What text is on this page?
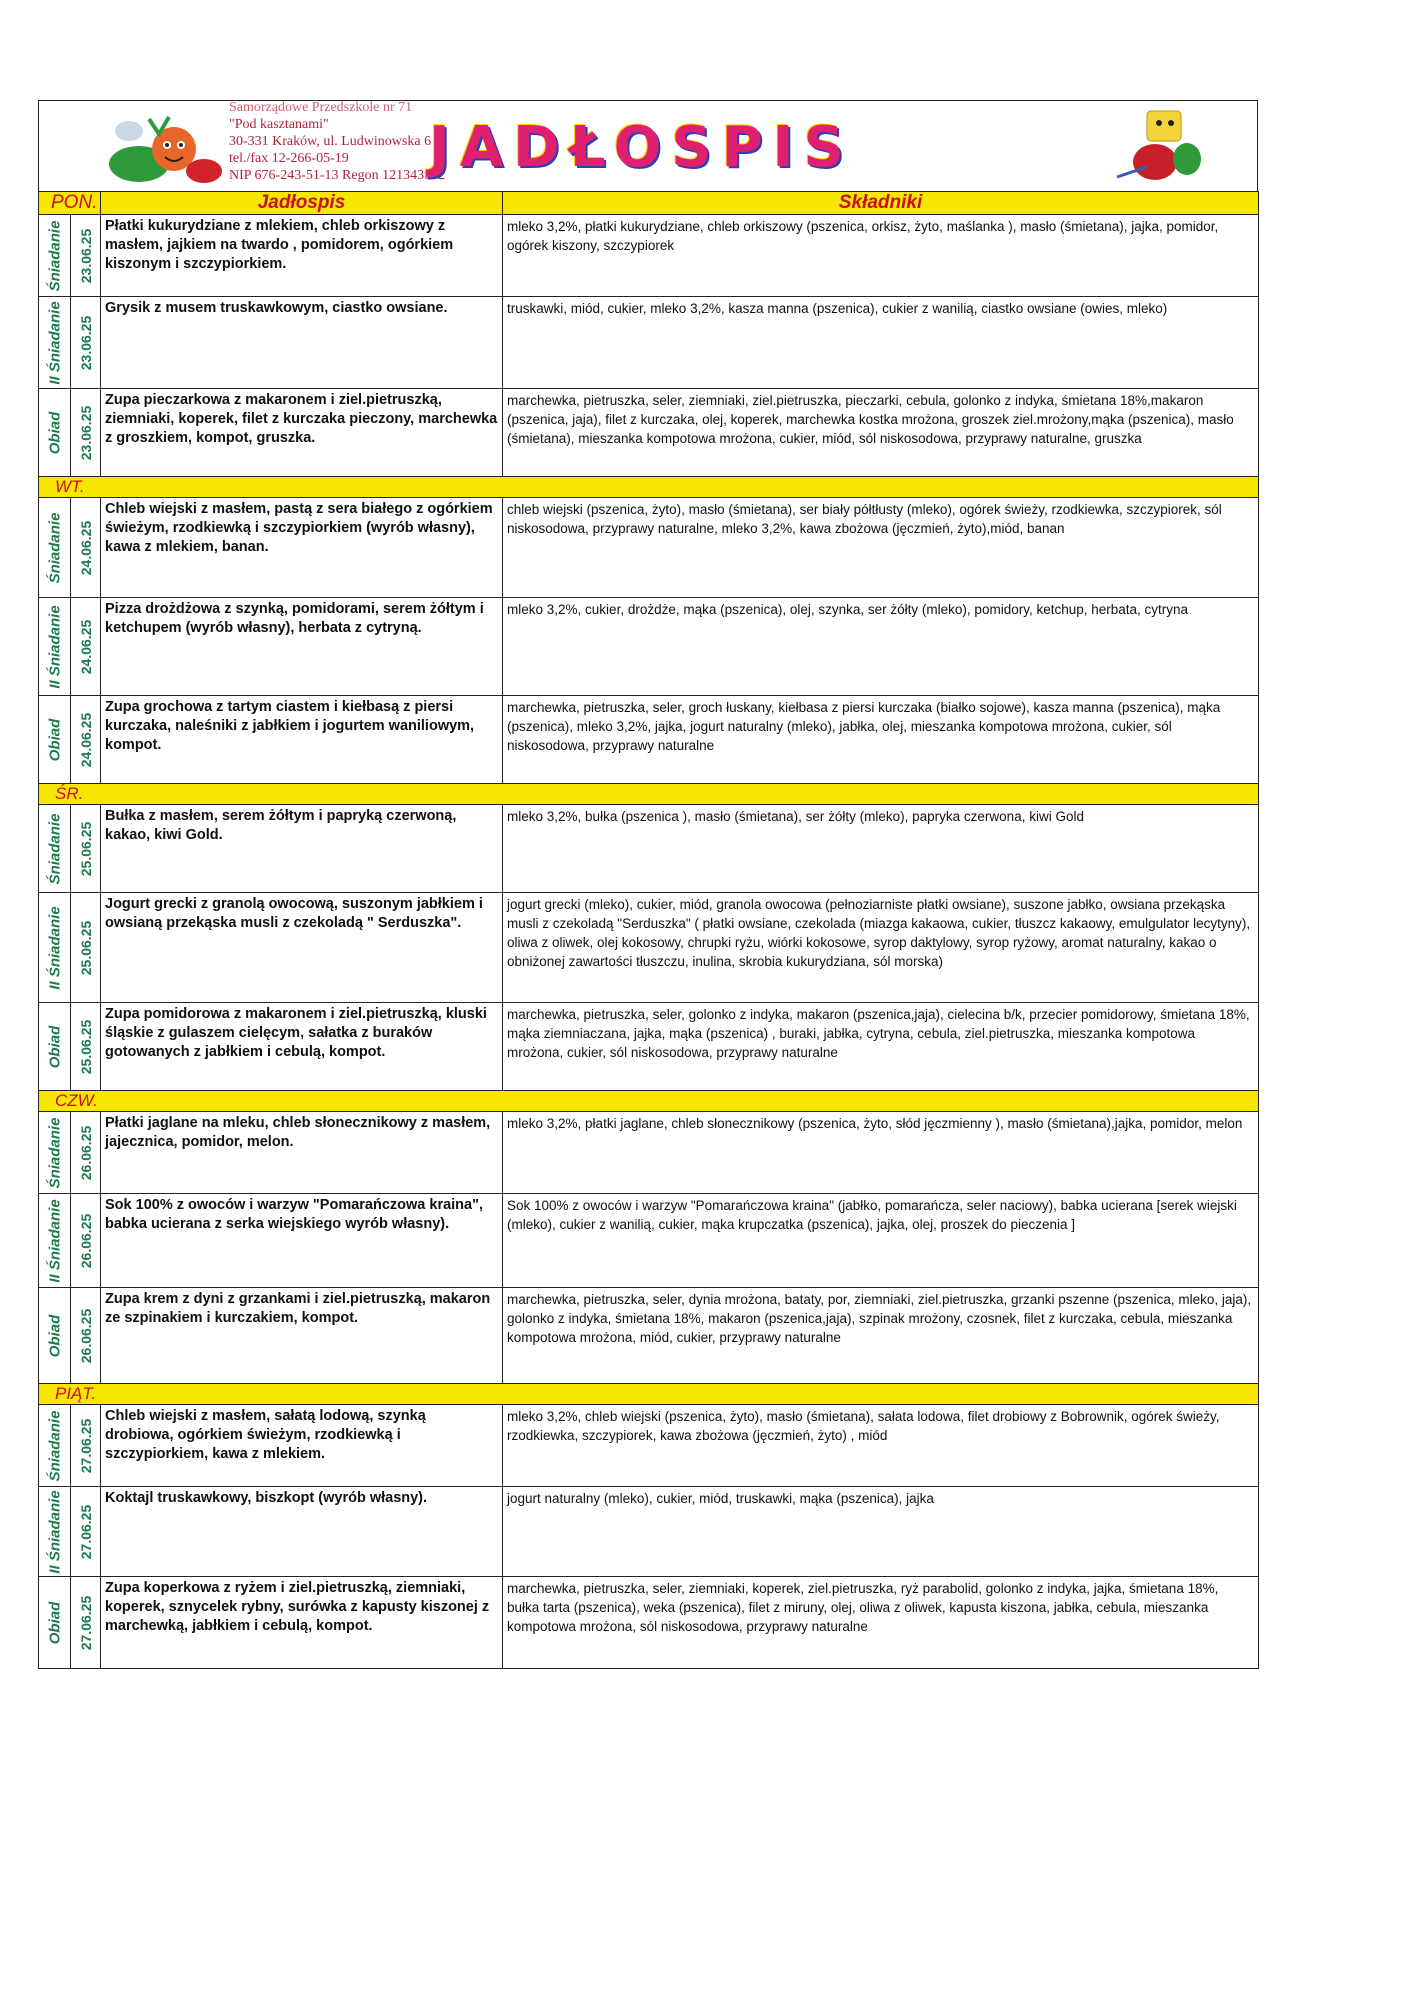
Samorządowe Przedszkole nr 71
"Pod kasztanami"
30-331 Kraków, ul. Ludwinowska 6
tel./fax 12-266-05-19
NIP 676-243-51-13 Regon 121343982
JADŁOSPIS
PON.		Jadłospis	Składniki

Śniadanie	23.06.25	Płatki kukurydziane z mlekiem, chleb orkiszowy z masłem, jajkiem na twardo , pomidorem, ogórkiem kiszonym i szczypiorkiem.	mleko 3,2%, płatki kukurydziane, chleb orkiszowy (pszenica, orkisz, żyto, maślanka ), masło (śmietana), jajka, pomidor, ogórek kiszony, szczypiorek

II Śniadanie	23.06.25	Grysik z musem truskawkowym, ciastko owsiane.	truskawki, miód, cukier, mleko 3,2%, kasza manna (pszenica), cukier z wanilią, ciastko owsiane (owies, mleko)

Obiad	23.06.25	Zupa pieczarkowa z makaronem i ziel.pietruszką, ziemniaki, koperek, filet z kurczaka pieczony, marchewka z groszkiem, kompot, gruszka.	marchewka, pietruszka, seler, ziemniaki, ziel.pietruszka, pieczarki, cebula, golonko z indyka, śmietana 18%,makaron (pszenica, jaja), filet z kurczaka, olej, koperek, marchewka kostka mrożona, groszek ziel.mrożony,mąka (pszenica), masło (śmietana), mieszanka kompotowa mrożona, cukier, miód, sól niskosodowa, przyprawy naturalne, gruszka
WT.			

Śniadanie	24.06.25	Chleb wiejski z masłem, pastą z sera białego z ogórkiem świeżym, rzodkiewką i szczypiorkiem (wyrób własny), kawa z mlekiem, banan.	chleb wiejski (pszenica, żyto), masło (śmietana), ser biały półtłusty (mleko), ogórek świeży, rzodkiewka, szczypiorek, sól niskosodowa, przyprawy naturalne, mleko 3,2%, kawa zbożowa (jęczmień, żyto),miód, banan

II Śniadanie	24.06.25	Pizza drożdżowa z szynką, pomidorami, serem żółtym i ketchupem (wyrób własny), herbata z cytryną.	mleko 3,2%, cukier, drożdże, mąka (pszenica), olej, szynka, ser żółty (mleko), pomidory, ketchup, herbata, cytryna

Obiad	24.06.25	Zupa grochowa z tartym ciastem i kiełbasą z piersi kurczaka, naleśniki z jabłkiem i jogurtem waniliowym, kompot.	marchewka, pietruszka, seler, groch łuskany, kiełbasa z piersi kurczaka (białko sojowe), kasza manna (pszenica), mąka (pszenica), mleko 3,2%, jajka, jogurt naturalny (mleko), jabłka, olej, mieszanka kompotowa mrożona, cukier, sól niskosodowa, przyprawy naturalne
ŚR.			

Śniadanie	25.06.25	Bułka z masłem, serem żółtym i papryką czerwoną, kakao, kiwi Gold.	mleko 3,2%, bułka (pszenica ), masło (śmietana), ser żółty (mleko), papryka czerwona, kiwi Gold

II Śniadanie	25.06.25	Jogurt grecki z granolą owocową, suszonym jabłkiem i owsianą przekąska musli z czekoladą " Serduszka".	jogurt grecki (mleko), cukier, miód, granola owocowa (pełnoziarniste płatki owsiane), suszone jabłko, owsiana przekąska musli z czekoladą "Serduszka" ( płatki owsiane, czekolada (miazga kakaowa, cukier, tłuszcz kakaowy, emulgulator lecytyny), oliwa z oliwek, olej kokosowy, chrupki ryżu, wiórki kokosowe, syrop daktylowy, syrop ryżowy, aromat naturalny, kakao o obniżonej zawartości tłuszczu, inulina, skrobia kukurydziana, sól morska)

Obiad	25.06.25	Zupa pomidorowa z makaronem i ziel.pietruszką, kluski śląskie z gulaszem cielęcym, sałatka z buraków gotowanych z jabłkiem i cebulą, kompot.	marchewka, pietruszka, seler, golonko z indyka, makaron (pszenica,jaja), cielecina b/k, przecier pomidorowy, śmietana 18%, mąka ziemniaczana, jajka, mąka (pszenica) , buraki, jabłka, cytryna, cebula, ziel.pietruszka, mieszanka kompotowa mrożona, cukier, sól niskosodowa, przyprawy naturalne
CZW.			

Śniadanie	26.06.25	Płatki jaglane na mleku, chleb słonecznikowy z masłem, jajecznica, pomidor, melon.	mleko 3,2%, płatki jaglane, chleb słonecznikowy (pszenica, żyto, słód jęczmienny ), masło (śmietana),jajka, pomidor, melon

II Śniadanie	26.06.25	Sok 100% z owoców i warzyw "Pomarańczowa kraina", babka ucierana z serka wiejskiego wyrób własny).	Sok 100% z owoców i warzyw "Pomarańczowa kraina" (jabłko, pomarańcza, seler naciowy), babka ucierana [serek wiejski (mleko), cukier z wanilią, cukier, mąka krupczatka (pszenica), jajka, olej, proszek do pieczenia ]

Obiad	26.06.25	Zupa krem z dyni z grzankami i ziel.pietruszką, makaron ze szpinakiem i kurczakiem, kompot.	marchewka, pietruszka, seler, dynia mrożona, bataty, por, ziemniaki, ziel.pietruszka, grzanki pszenne (pszenica, mleko, jaja), golonko z indyka, śmietana 18%, makaron (pszenica,jaja), szpinak mrożony, czosnek, filet z kurczaka, cebula, mieszanka kompotowa mrożona, miód, cukier, przyprawy naturalne
PIĄT.			

Śniadanie	27.06.25	Chleb wiejski z masłem, sałatą lodową, szynką drobiowa, ogórkiem świeżym, rzodkiewką i szczypiorkiem, kawa z mlekiem.	mleko 3,2%, chleb wiejski (pszenica, żyto), masło (śmietana), sałata lodowa, filet drobiowy z Bobrownik, ogórek świeży, rzodkiewka, szczypiorek, kawa zbożowa (jęczmień, żyto) , miód

II Śniadanie	27.06.25	Koktajl truskawkowy, biszkopt (wyrób własny).	jogurt naturalny (mleko), cukier, miód, truskawki, mąka (pszenica), jajka

Obiad	27.06.25	Zupa koperkowa z ryżem i ziel.pietruszką, ziemniaki, koperek, sznycelek rybny, surówka z kapusty kiszonej z marchewką, jabłkiem i cebulą, kompot.	marchewka, pietruszka, seler, ziemniaki, koperek, ziel.pietruszka, ryż parabolid, golonko z indyka, jajka, śmietana 18%, bułka tarta (pszenica), weka (pszenica), filet z miruny, olej, oliwa z oliwek, kapusta kiszona, jabłka, cebula, mieszanka kompotowa mrożona, sól niskosodowa, przyprawy naturalne
